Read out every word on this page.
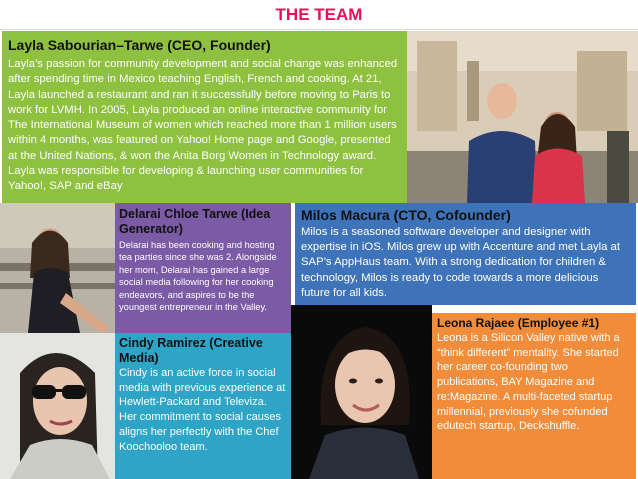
THE TEAM
Layla Sabourian–Tarwe (CEO, Founder)
Layla’s passion for community development and social change was enhanced after spending time in Mexico teaching English, French and cooking. At 21, Layla launched a restaurant and ran it successfully before moving to Paris to work for LVMH. In 2005, Layla produced an online interactive community for The International Museum of women which reached more than 1 million users within 4 months, was featured on Yahoo! Home page and Google, presented at the United Nations, & won the Anita Borg Women in Technology award. Layla was responsible for developing & launching user communities for Yahoo!, SAP and eBay
Delarai Chloe Tarwe (Idea Generator)
Delarai has been cooking and hosting tea parties since she was 2. Alongside her mom, Delarai has gained a large social media following for her cooking endeavors, and aspires to be the youngest entrepreneur in the Valley.
Milos Macura (CTO, Cofounder)
Milos is a seasoned software developer and designer with expertise in iOS. Milos grew up with Accenture and met Layla at SAP’s AppHaus team. With a strong dedication for children & technology, Milos is ready to code towards a more delicious future for all kids.
Cindy Ramirez (Creative Media)
Cindy is an active force in social media with previous experience at Hewlett-Packard and Televiza. Her commitment to social causes aligns her perfectly with the Chef Koochooloo team.
Leona Rajaee (Employee #1)
Leona is a Silicon Valley native with a “think different” mentality. She started her career co-founding two publications, BAY Magazine and re:Magazine. A multi-faceted startup millennial, previously she cofunded edutech startup, Deckshuffle.
